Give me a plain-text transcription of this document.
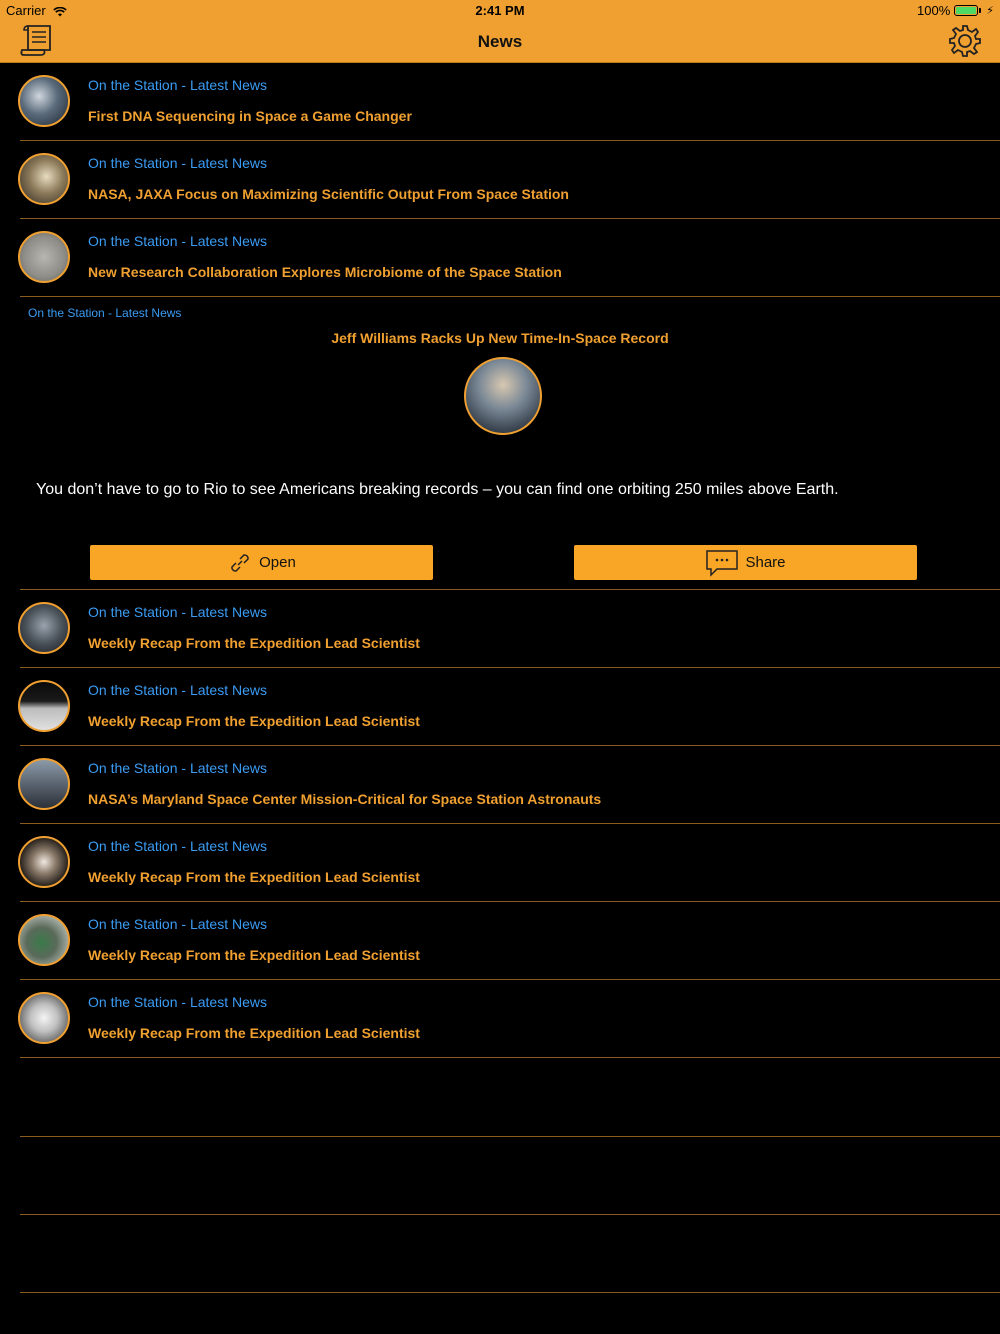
Carrier	2:41 PM	100%	⚡
News
On the Station - Latest News
First DNA Sequencing in Space a Game Changer
On the Station - Latest News
NASA, JAXA Focus on Maximizing Scientific Output From Space Station
On the Station - Latest News
New Research Collaboration Explores Microbiome of the Space Station
On the Station - Latest News
Jeff Williams Racks Up New Time-In-Space Record
You don’t have to go to Rio to see Americans breaking records – you can find one orbiting 250 miles above Earth.
Open	Share
On the Station - Latest News
Weekly Recap From the Expedition Lead Scientist
On the Station - Latest News
Weekly Recap From the Expedition Lead Scientist
On the Station - Latest News
NASA’s Maryland Space Center Mission-Critical for Space Station Astronauts
On the Station - Latest News
Weekly Recap From the Expedition Lead Scientist
On the Station - Latest News
Weekly Recap From the Expedition Lead Scientist
On the Station - Latest News
Weekly Recap From the Expedition Lead Scientist
